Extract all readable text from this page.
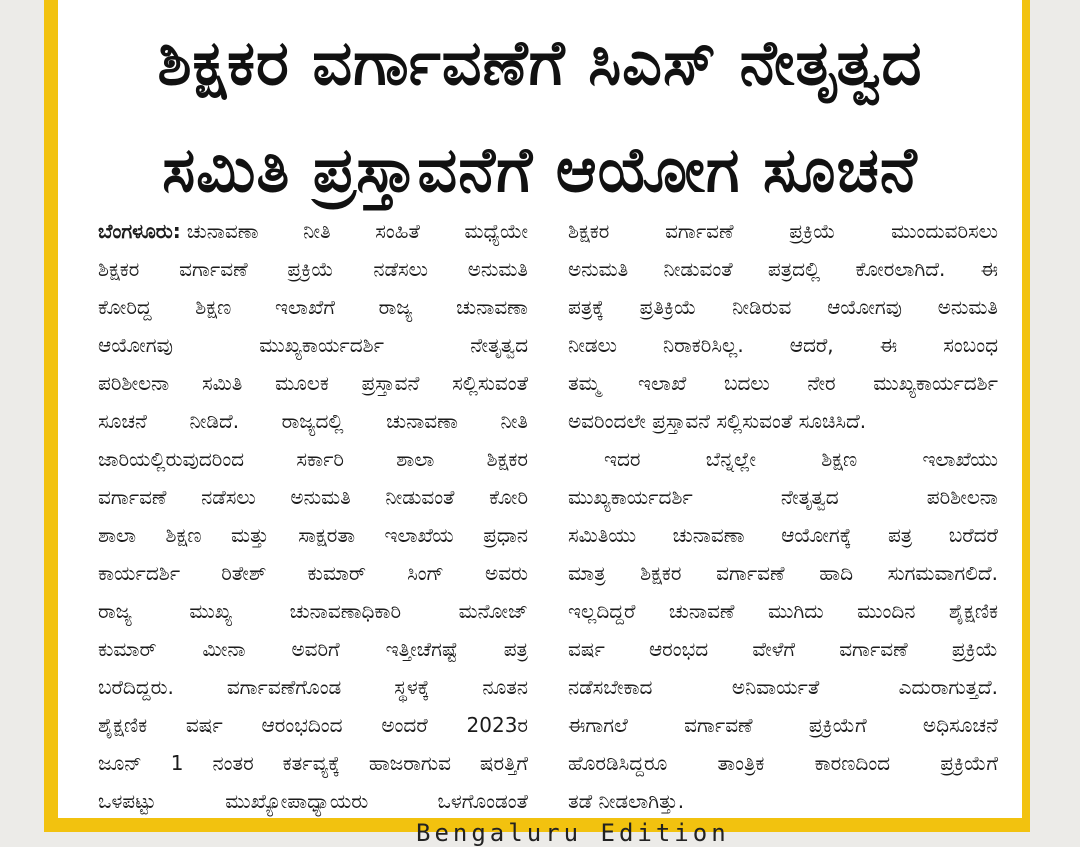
Bengaluru Edition
ಶಿಕ್ಷಕರ ವರ್ಗಾವಣೆಗೆ ಸಿಎಸ್ ನೇತೃತ್ವದ
ಸಮಿತಿ ಪ್ರಸ್ತಾವನೆಗೆ ಆಯೋಗ ಸೂಚನೆ
ಬೆಂಗಳೂರು: ಚುನಾವಣಾ ನೀತಿ ಸಂಹಿತೆ ಮಧ್ಯೆಯೇ
ಶಿಕ್ಷಕರ ವರ್ಗಾವಣೆ ಪ್ರಕ್ರಿಯೆ ನಡೆಸಲು ಅನುಮತಿ
ಕೋರಿದ್ದ ಶಿಕ್ಷಣ ಇಲಾಖೆಗೆ ರಾಜ್ಯ ಚುನಾವಣಾ
ಆಯೋಗವು ಮುಖ್ಯಕಾರ್ಯದರ್ಶಿ ನೇತೃತ್ವದ
ಪರಿಶೀಲನಾ ಸಮಿತಿ ಮೂಲಕ ಪ್ರಸ್ತಾವನೆ ಸಲ್ಲಿಸುವಂತೆ
ಸೂಚನೆ ನೀಡಿದೆ. ರಾಜ್ಯದಲ್ಲಿ ಚುನಾವಣಾ ನೀತಿ
ಜಾರಿಯಲ್ಲಿರುವುದರಿಂದ ಸರ್ಕಾರಿ ಶಾಲಾ ಶಿಕ್ಷಕರ
ವರ್ಗಾವಣೆ ನಡೆಸಲು ಅನುಮತಿ ನೀಡುವಂತೆ ಕೋರಿ
ಶಾಲಾ ಶಿಕ್ಷಣ ಮತ್ತು ಸಾಕ್ಷರತಾ ಇಲಾಖೆಯ ಪ್ರಧಾನ
ಕಾರ್ಯದರ್ಶಿ ರಿತೇಶ್ ಕುಮಾರ್ ಸಿಂಗ್ ಅವರು
ರಾಜ್ಯ ಮುಖ್ಯ ಚುನಾವಣಾಧಿಕಾರಿ ಮನೋಜ್
ಕುಮಾರ್ ಮೀನಾ ಅವರಿಗೆ ಇತ್ತೀಚೆಗಷ್ಟೆ ಪತ್ರ
ಬರೆದಿದ್ದರು. ವರ್ಗಾವಣೆಗೊಂಡ ಸ್ಥಳಕ್ಕೆ ನೂತನ
ಶೈಕ್ಷಣಿಕ ವರ್ಷ ಆರಂಭದಿಂದ ಅಂದರೆ 2023ರ
ಜೂನ್ 1 ನಂತರ ಕರ್ತವ್ಯಕ್ಕೆ ಹಾಜರಾಗುವ ಷರತ್ತಿಗೆ
ಒಳಪಟ್ಟು ಮುಖ್ಯೋಪಾಧ್ಯಾಯರು ಒಳಗೊಂಡಂತೆ
ಶಿಕ್ಷಕರ ವರ್ಗಾವಣೆ ಪ್ರಕ್ರಿಯೆ ಮುಂದುವರಿಸಲು
ಅನುಮತಿ ನೀಡುವಂತೆ ಪತ್ರದಲ್ಲಿ ಕೋರಲಾಗಿದೆ. ಈ
ಪತ್ರಕ್ಕೆ ಪ್ರತಿಕ್ರಿಯೆ ನೀಡಿರುವ ಆಯೋಗವು ಅನುಮತಿ
ನೀಡಲು ನಿರಾಕರಿಸಿಲ್ಲ. ಆದರೆ, ಈ ಸಂಬಂಧ
ತಮ್ಮ ಇಲಾಖೆ ಬದಲು ನೇರ ಮುಖ್ಯಕಾರ್ಯದರ್ಶಿ
ಅವರಿಂದಲೇ ಪ್ರಸ್ತಾವನೆ ಸಲ್ಲಿಸುವಂತೆ ಸೂಚಿಸಿದೆ.
ಇದರ ಬೆನ್ನಲ್ಲೇ ಶಿಕ್ಷಣ ಇಲಾಖೆಯು
ಮುಖ್ಯಕಾರ್ಯದರ್ಶಿ ನೇತೃತ್ವದ ಪರಿಶೀಲನಾ
ಸಮಿತಿಯು ಚುನಾವಣಾ ಆಯೋಗಕ್ಕೆ ಪತ್ರ ಬರೆದರೆ
ಮಾತ್ರ ಶಿಕ್ಷಕರ ವರ್ಗಾವಣೆ ಹಾದಿ ಸುಗಮವಾಗಲಿದೆ.
ಇಲ್ಲದಿದ್ದರೆ ಚುನಾವಣೆ ಮುಗಿದು ಮುಂದಿನ ಶೈಕ್ಷಣಿಕ
ವರ್ಷ ಆರಂಭದ ವೇಳೆಗೆ ವರ್ಗಾವಣೆ ಪ್ರಕ್ರಿಯೆ
ನಡೆಸಬೇಕಾದ ಅನಿವಾರ್ಯತೆ ಎದುರಾಗುತ್ತದೆ.
ಈಗಾಗಲೆ ವರ್ಗಾವಣೆ ಪ್ರಕ್ರಿಯೆಗೆ ಅಧಿಸೂಚನೆ
ಹೊರಡಿಸಿದ್ದರೂ ತಾಂತ್ರಿಕ ಕಾರಣದಿಂದ ಪ್ರಕ್ರಿಯೆಗೆ
ತಡೆ ನೀಡಲಾಗಿತ್ತು.
